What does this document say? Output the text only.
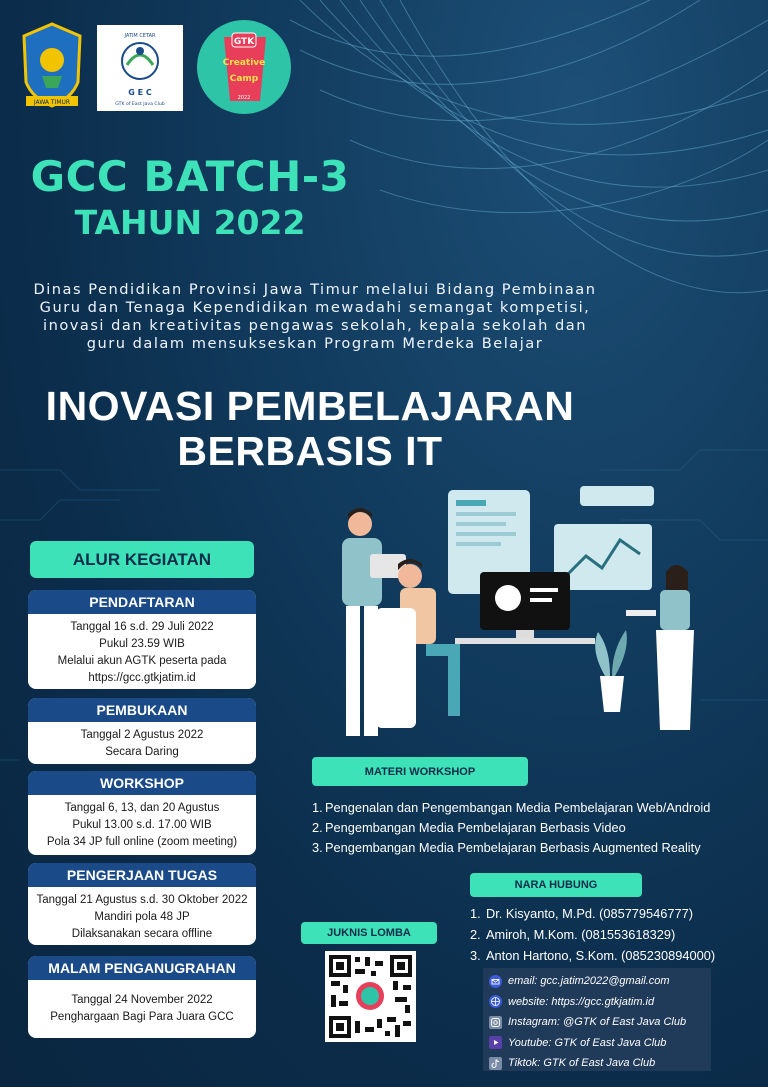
JAWA TIMUR
JATIM CETAR
G E C
GTK of East Java Club
GTK
Creative
Camp
2022
GCC BATCH-3
TAHUN 2022
Dinas Pendidikan Provinsi Jawa Timur melalui Bidang Pembinaan Guru dan Tenaga Kependidikan mewadahi semangat kompetisi, inovasi dan kreativitas pengawas sekolah, kepala sekolah dan guru dalam mensukseskan Program Merdeka Belajar
INOVASI PEMBELAJARAN
BERBASIS IT
ALUR KEGIATAN
PENDAFTARAN
Tanggal 16 s.d. 29 Juli 2022
Pukul 23.59 WIB
Melalui akun AGTK peserta pada
https://gcc.gtkjatim.id
PEMBUKAAN
Tanggal 2 Agustus 2022
Secara Daring
WORKSHOP
Tanggal 6, 13, dan 20 Agustus
Pukul 13.00 s.d. 17.00 WIB
Pola 34 JP full online (zoom meeting)
PENGERJAAN TUGAS
Tanggal 21 Agustus s.d. 30 Oktober 2022
Mandiri pola 48 JP
Dilaksanakan secara offline
MALAM PENGANUGRAHAN
Tanggal 24 November 2022
Penghargaan Bagi Para Juara GCC
MATERI WORKSHOP
1. Pengenalan dan Pengembangan Media Pembelajaran Web/Android
2. Pengembangan Media Pembelajaran Berbasis Video
3. Pengembangan Media Pembelajaran Berbasis Augmented Reality
NARA HUBUNG
1. Dr. Kisyanto, M.Pd. (085779546777)
2. Amiroh, M.Kom. (081553618329)
3. Anton Hartono, S.Kom. (085230894000)
JUKNIS LOMBA
email: gcc.jatim2022@gmail.com
website: https://gcc.gtkjatim.id
Instagram: @GTK of East Java Club
Youtube: GTK of East Java Club
Tiktok: GTK of East Java Club
